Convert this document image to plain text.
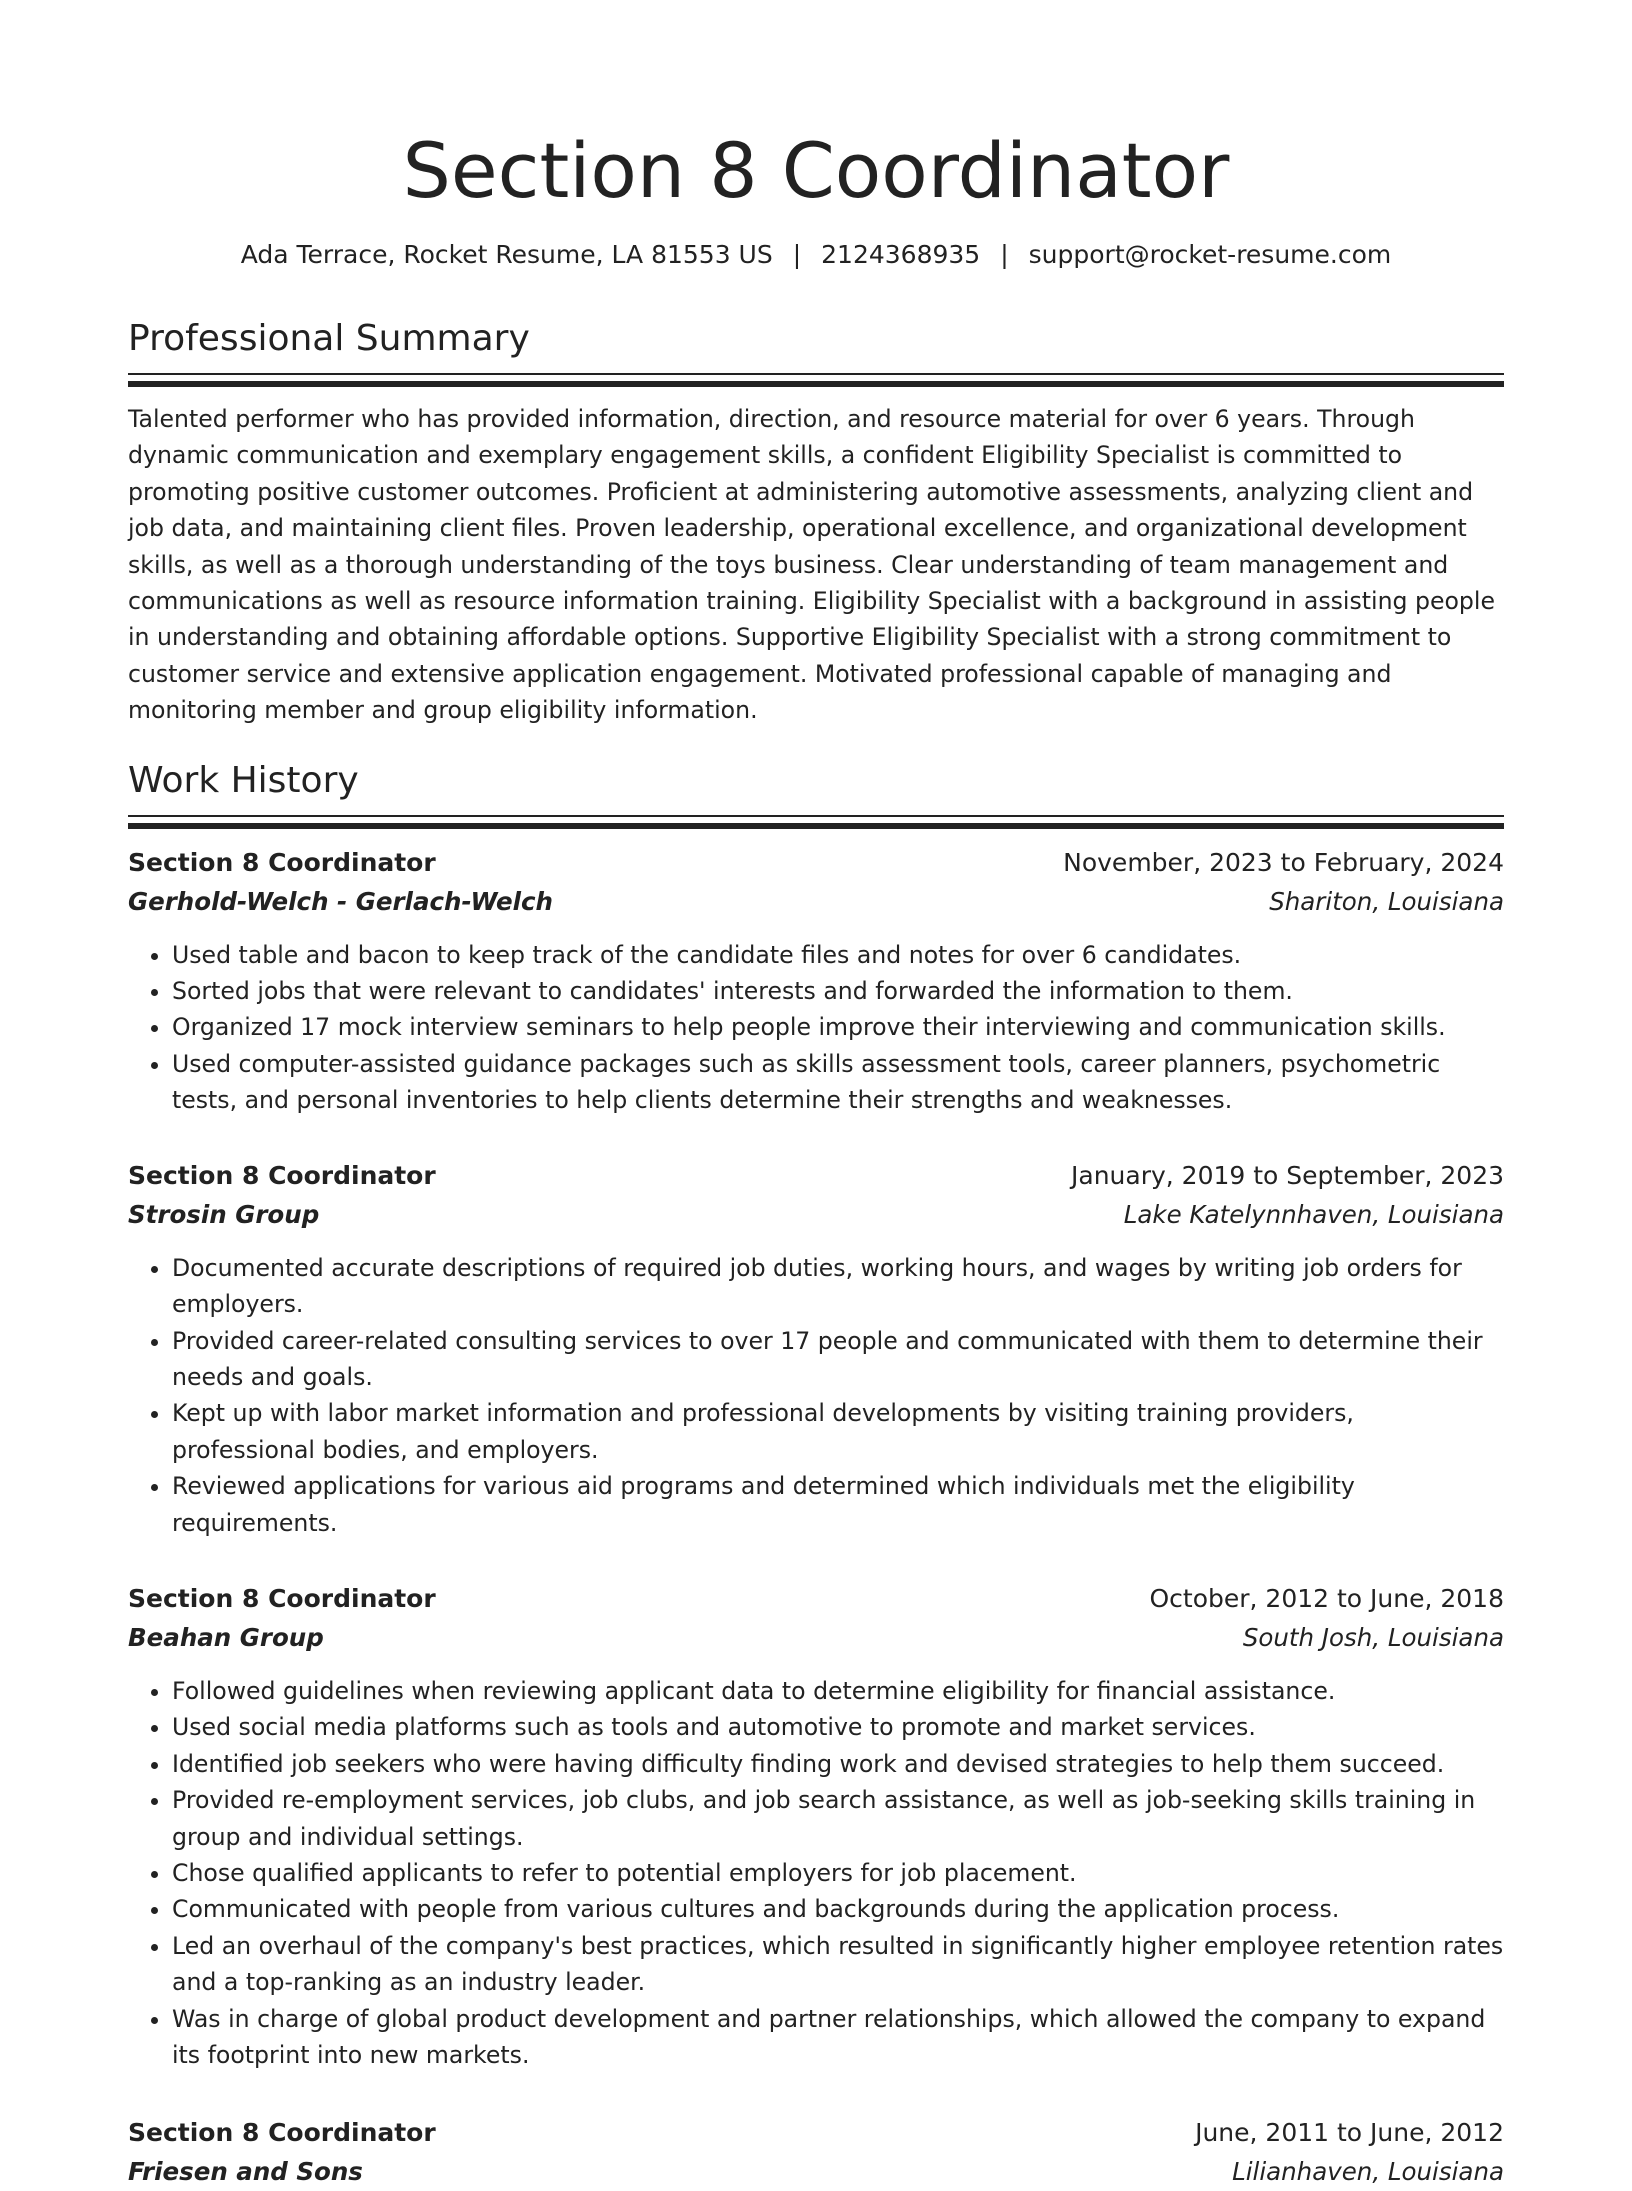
Section 8 Coordinator
Ada Terrace, Rocket Resume, LA 81553 US | 2124368935 | support@rocket-resume.com
Professional Summary
Talented performer who has provided information, direction, and resource material for over 6 years. Through dynamic communication and exemplary engagement skills, a confident Eligibility Specialist is committed to promoting positive customer outcomes. Proficient at administering automotive assessments, analyzing client and job data, and maintaining client files. Proven leadership, operational excellence, and organizational development skills, as well as a thorough understanding of the toys business. Clear understanding of team management and communications as well as resource information training. Eligibility Specialist with a background in assisting people in understanding and obtaining affordable options. Supportive Eligibility Specialist with a strong commitment to customer service and extensive application engagement. Motivated professional capable of managing and monitoring member and group eligibility information.
Work History
Section 8 Coordinator	November, 2023 to February, 2024
Gerhold-Welch - Gerlach-Welch	Shariton, Louisiana
• Used table and bacon to keep track of the candidate files and notes for over 6 candidates.
• Sorted jobs that were relevant to candidates' interests and forwarded the information to them.
• Organized 17 mock interview seminars to help people improve their interviewing and communication skills.
• Used computer-assisted guidance packages such as skills assessment tools, career planners, psychometric tests, and personal inventories to help clients determine their strengths and weaknesses.
Section 8 Coordinator	January, 2019 to September, 2023
Strosin Group	Lake Katelynnhaven, Louisiana
• Documented accurate descriptions of required job duties, working hours, and wages by writing job orders for employers.
• Provided career-related consulting services to over 17 people and communicated with them to determine their needs and goals.
• Kept up with labor market information and professional developments by visiting training providers, professional bodies, and employers.
• Reviewed applications for various aid programs and determined which individuals met the eligibility requirements.
Section 8 Coordinator	October, 2012 to June, 2018
Beahan Group	South Josh, Louisiana
• Followed guidelines when reviewing applicant data to determine eligibility for financial assistance.
• Used social media platforms such as tools and automotive to promote and market services.
• Identified job seekers who were having difficulty finding work and devised strategies to help them succeed.
• Provided re-employment services, job clubs, and job search assistance, as well as job-seeking skills training in group and individual settings.
• Chose qualified applicants to refer to potential employers for job placement.
• Communicated with people from various cultures and backgrounds during the application process.
• Led an overhaul of the company's best practices, which resulted in significantly higher employee retention rates and a top-ranking as an industry leader.
• Was in charge of global product development and partner relationships, which allowed the company to expand its footprint into new markets.
Section 8 Coordinator	June, 2011 to June, 2012
Friesen and Sons	Lilianhaven, Louisiana
